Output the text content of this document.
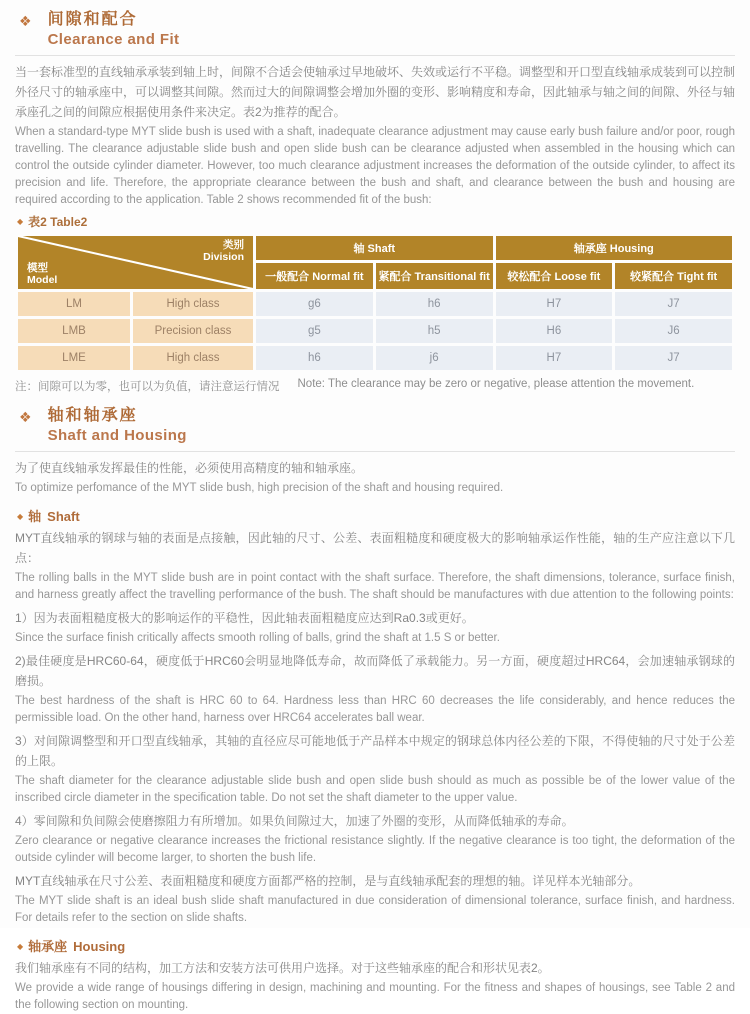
❖ 间隙和配合
Clearance and Fit

当一套标准型的直线轴承承装到轴上时，间隙不合适会使轴承过早地破坏、失效或运行不平稳。调整型和开口型直线轴承成装到可以控制外径尺寸的轴承座中，可以调整其间隙。然而过大的间隙调整会增加外圈的变形、影响精度和寿命，因此轴承与轴之间的间隙、外径与轴承座孔之间的间隙应根据使用条件来决定。表2为推荐的配合。

When a standard-type MYT slide bush is used with a shaft, inadequate clearance adjustment may cause early bush failure and/or poor, rough travelling. The clearance adjustable slide bush and open slide bush can be clearance adjusted when assembled in the housing which can control the outside cylinder diameter. However, too much clearance adjustment increases the deformation of the outside cylinder, to affect its precision and life. Therefore, the appropriate clearance between the bush and shaft, and clearance between the bush and housing are required according to the application. Table 2 shows recommended fit of the bush:

◆ 表2 Table2
类别
Division
模型
Model		轴 Shaft		轴承座 Housing	
		一般配合 Normal fit	紧配合 Transitional fit	较松配合 Loose fit	较紧配合 Tight fit
LM	High class	g6	h6	H7	J7
LMB	Precision class	g5	h5	H6	J6
LME	High class	h6	j6	H7	J7
注：间隙可以为零，也可以为负值，请注意运行情况 Note: The clearance may be zero or negative, please attention the movement.
❖ 轴和轴承座
Shaft and Housing

为了使直线轴承发挥最佳的性能，必须使用高精度的轴和轴承座。

To optimize perfomance of the MYT slide bush, high precision of the shaft and housing required.

◆ 轴 Shaft

MYT直线轴承的钢球与轴的表面是点接触，因此轴的尺寸、公差、表面粗糙度和硬度极大的影响轴承运作性能，轴的生产应注意以下几点：

The rolling balls in the MYT slide bush are in point contact with the shaft surface. Therefore, the shaft dimensions, tolerance, surface finish, and harness greatly affect the travelling performance of the bush. The shaft should be manufactures with due attention to the following points:

1）因为表面粗糙度极大的影响运作的平稳性，因此轴表面粗糙度应达到Ra0.3或更好。

Since the surface finish critically affects smooth rolling of balls, grind the shaft at 1.5 S or better.

2)最佳硬度是HRC60-64，硬度低于HRC60会明显地降低寿命，故而降低了承载能力。另一方面，硬度超过HRC64，会加速轴承钢球的磨损。

The best hardness of the shaft is HRC 60 to 64. Hardness less than HRC 60 decreases the life considerably, and hence reduces the permissible load. On the other hand, harness over HRC64 accelerates ball wear.

3）对间隙调整型和开口型直线轴承，其轴的直径应尽可能地低于产品样本中规定的钢球总体内径公差的下限，不得使轴的尺寸处于公差的上限。

The shaft diameter for the clearance adjustable slide bush and open slide bush should as much as possible be of the lower value of the inscribed circle diameter in the specification table. Do not set the shaft diameter to the upper value.

4）零间隙和负间隙会使磨擦阻力有所增加。如果负间隙过大，加速了外圈的变形，从而降低轴承的寿命。

Zero clearance or negative clearance increases the frictional resistance slightly. If the negative clearance is too tight, the deformation of the outside cylinder will become larger, to shorten the bush life.

MYT直线轴承在尺寸公差、表面粗糙度和硬度方面都严格的控制，是与直线轴承配套的理想的轴。详见样本光轴部分。

The MYT slide shaft is an ideal bush slide shaft manufactured in due consideration of dimensional tolerance, surface finish, and hardness. For details refer to the section on slide shafts.

◆ 轴承座 Housing

我们轴承座有不同的结构，加工方法和安装方法可供用户选择。对于这些轴承座的配合和形状见表2。

We provide a wide range of housings differing in design, machining and mounting. For the fitness and shapes of housings, see Table 2 and the following section on mounting.
